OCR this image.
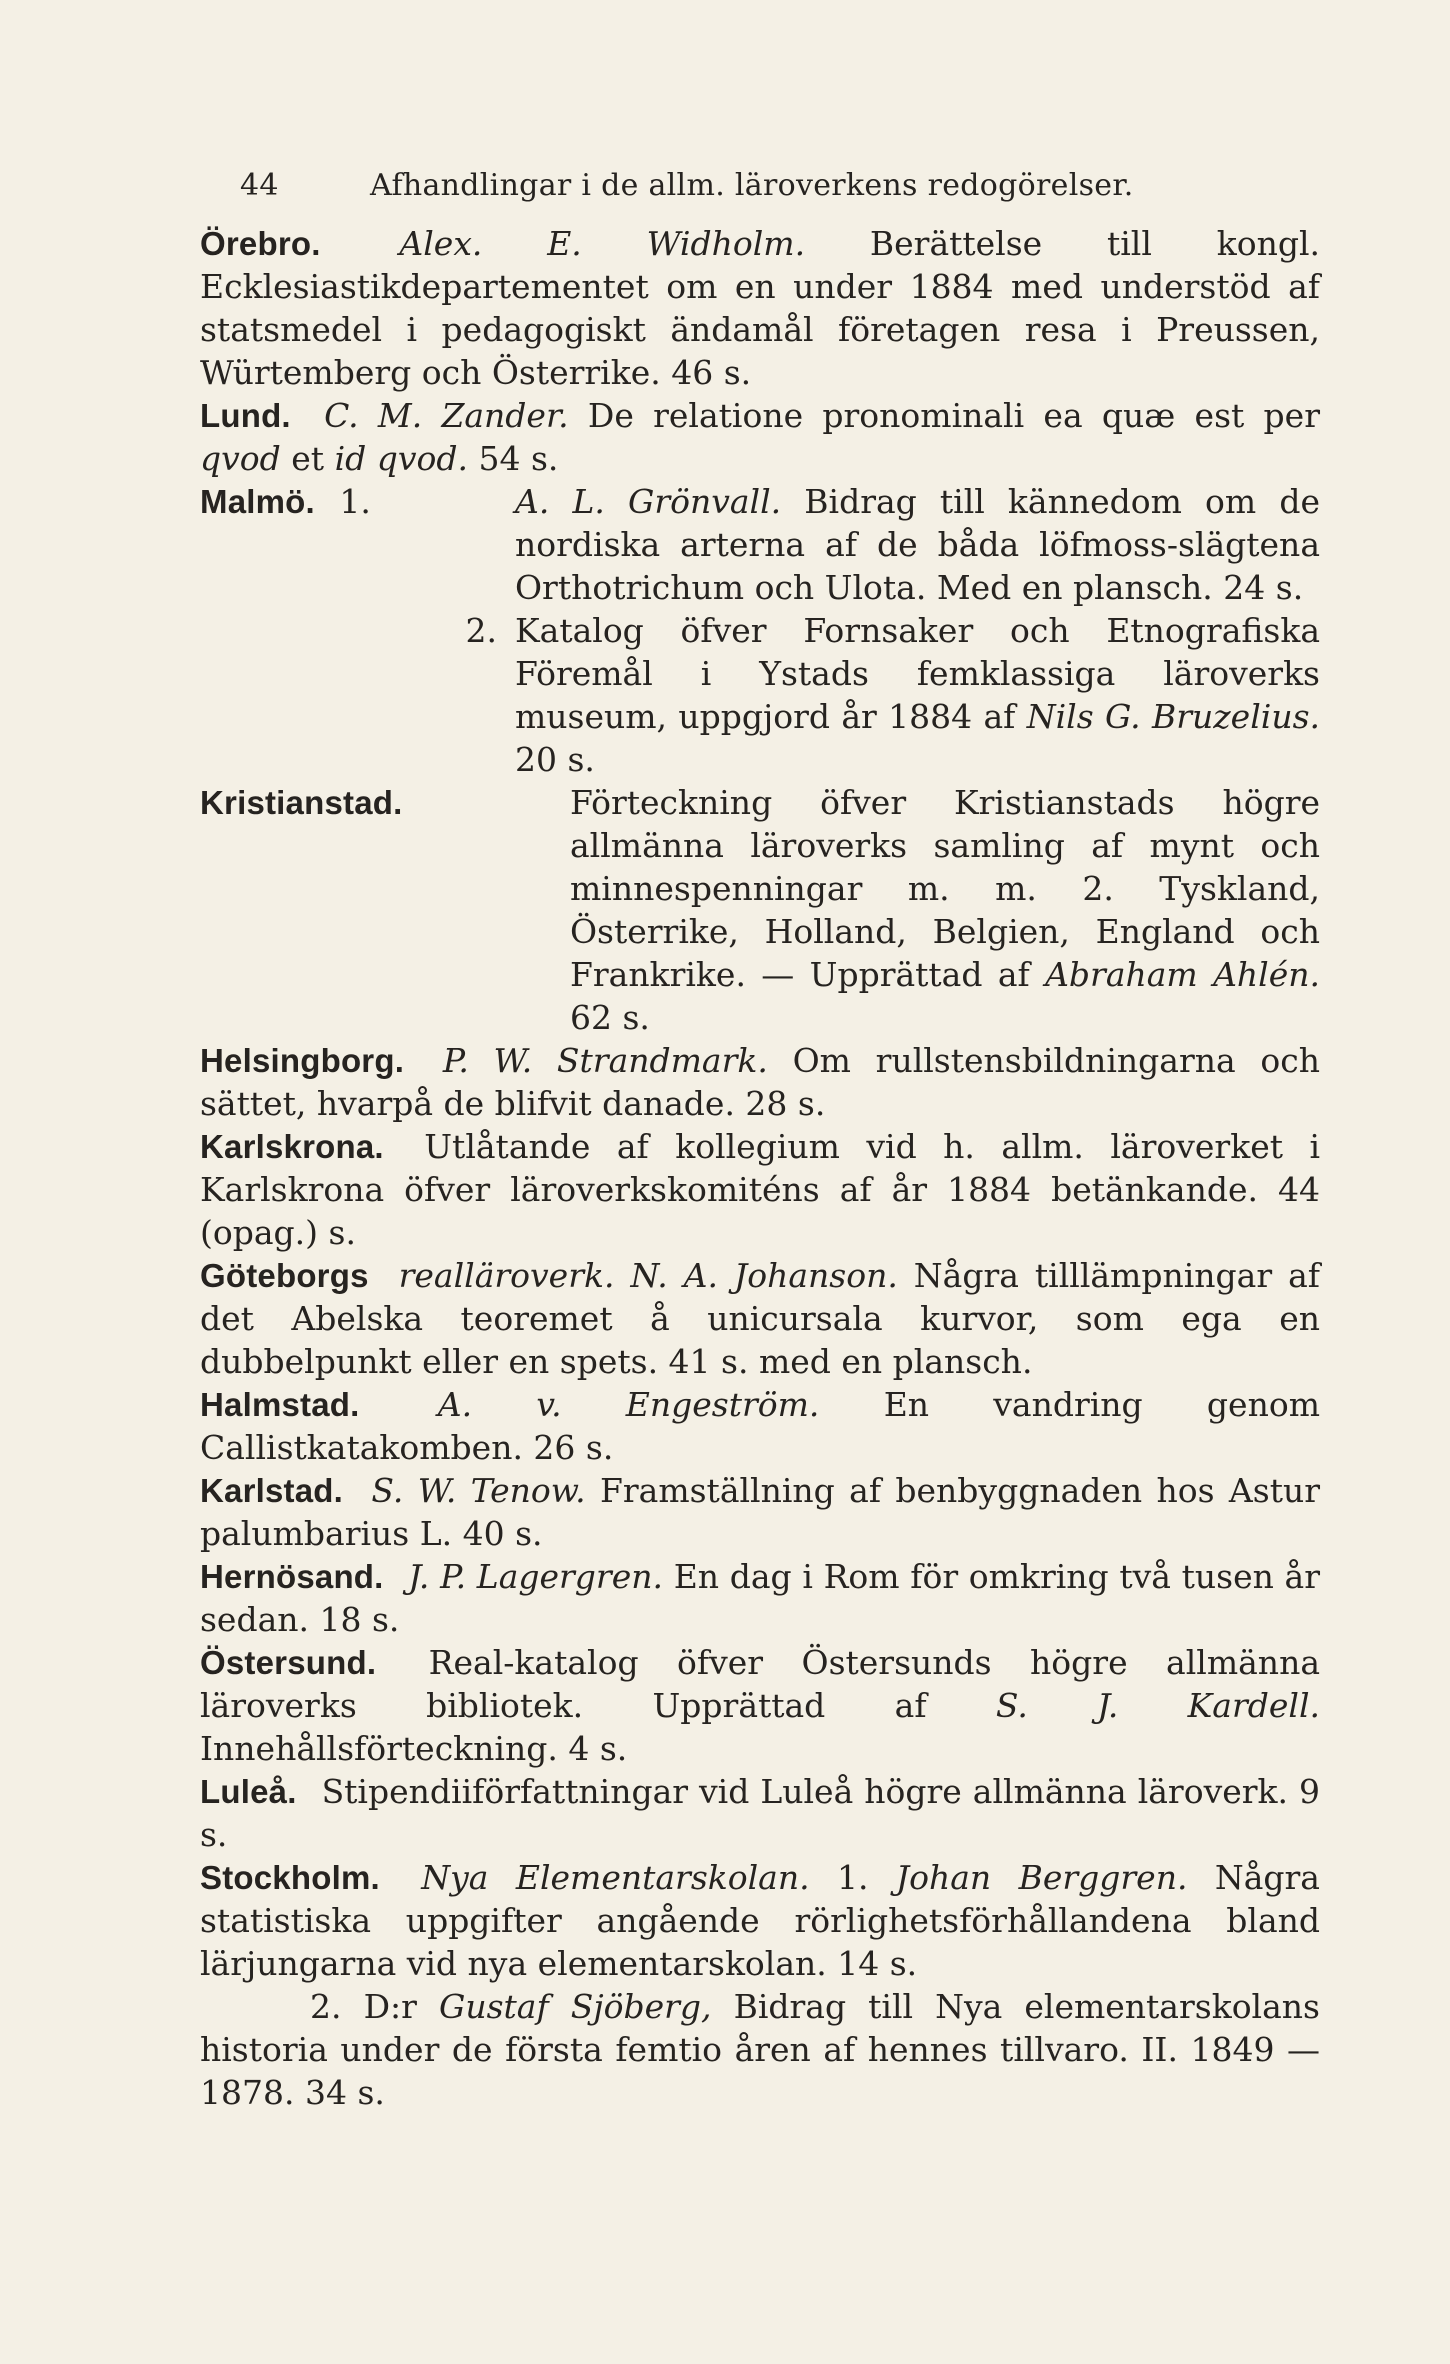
44	Afhandlingar i de allm. läroverkens redogörelser.

Örebro. Alex. E. Widholm. Berättelse till kongl. Ecklesiastikdepartementet om en under 1884 med understöd af statsmedel i pedagogiskt ändamål företagen resa i Preussen, Würtemberg och Österrike. 46 s.

Lund. C. M. Zander. De relatione pronominali ea quæ est per qvod et id qvod. 54 s.

Malmö. 1.	A. L. Grönvall. Bidrag till kännedom om de nordiska arterna af de båda löfmoss-slägtena Orthotrichum och Ulota. Med en plansch. 24 s.
2. Katalog öfver Fornsaker och Etnografiska Föremål i Ystads femklassiga läroverks museum, uppgjord år 1884 af Nils G. Bruzelius. 20 s.
Kristianstad.	Förteckning öfver Kristianstads högre allmänna läroverks samling af mynt och minnespenningar m. m. 2. Tyskland, Österrike, Holland, Belgien, England och Frankrike. — Upprättad af Abraham Ahlén. 62 s.

Helsingborg. P. W. Strandmark. Om rullstensbildningarna och sättet, hvarpå de blifvit danade. 28 s.

Karlskrona. Utlåtande af kollegium vid h. allm. läroverket i Karlskrona öfver läroverkskomiténs af år 1884 betänkande. 44 (opag.) s.

Göteborgs realläroverk. N. A. Johanson. Några tilllämpningar af det Abelska teoremet å unicursala kurvor, som ega en dubbelpunkt eller en spets. 41 s. med en plansch.

Halmstad. A. v. Engeström. En vandring genom Callistkatakomben. 26 s.

Karlstad. S. W. Tenow. Framställning af benbyggnaden hos Astur palumbarius L. 40 s.

Hernösand. J. P. Lagergren. En dag i Rom för omkring två tusen år sedan. 18 s.

Östersund. Real-katalog öfver Östersunds högre allmänna läroverks bibliotek. Upprättad af S. J. Kardell. Innehållsförteckning. 4 s.

Luleå. Stipendiiförfattningar vid Luleå högre allmänna läroverk. 9 s.

Stockholm. Nya Elementarskolan. 1. Johan Berggren. Några statistiska uppgifter angående rörlighetsförhållandena bland lärjungarna vid nya elementarskolan. 14 s.

2. D:r Gustaf Sjöberg, Bidrag till Nya elementarskolans historia under de första femtio åren af hennes tillvaro. II. 1849 —1878. 34 s.
